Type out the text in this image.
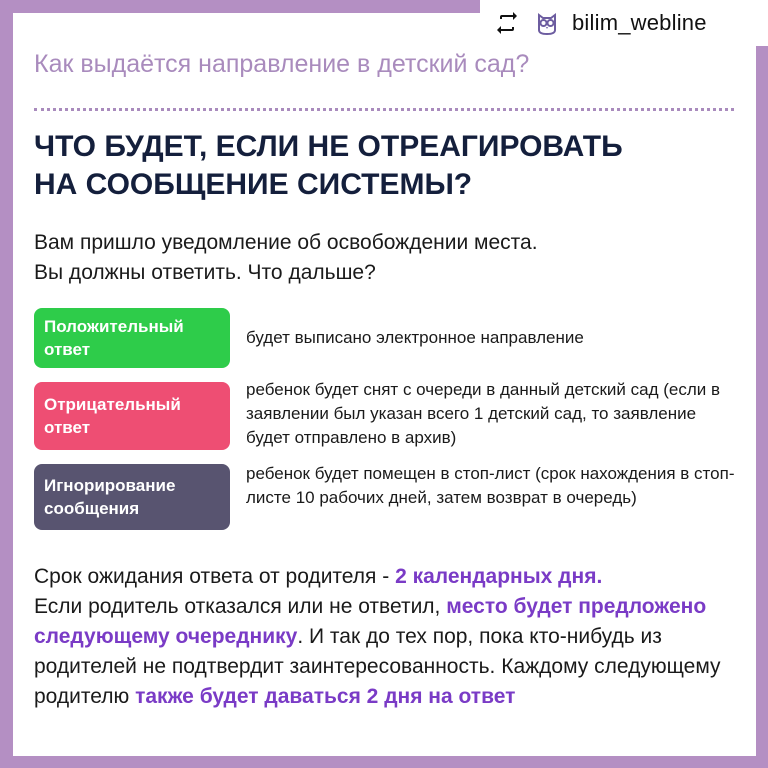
bilim_webline
Как выдаётся направление в детский сад?
ЧТО БУДЕТ, ЕСЛИ НЕ ОТРЕАГИРОВАТЬ
НА СООБЩЕНИЕ СИСТЕМЫ?
Вам пришло уведомление об освобождении места.
Вы должны ответить. Что дальше?
Положительный
ответ
будет выписано электронное направление
Отрицательный
ответ
ребенок будет снят с очереди в данный детский сад (если в заявлении был указан всего 1 детский сад, то заявление будет отправлено в архив)
Игнорирование
сообщения
ребенок будет помещен в стоп-лист (срок нахождения в стоп-листе 10 рабочих дней, затем возврат в очередь)
Срок ожидания ответа от родителя - 2 календарных дня.
Если родитель отказался или не ответил, место будет предложено следующему очереднику. И так до тех пор, пока кто-нибудь из родителей не подтвердит заинтересованность. Каждому следующему родителю также будет даваться 2 дня на ответ
